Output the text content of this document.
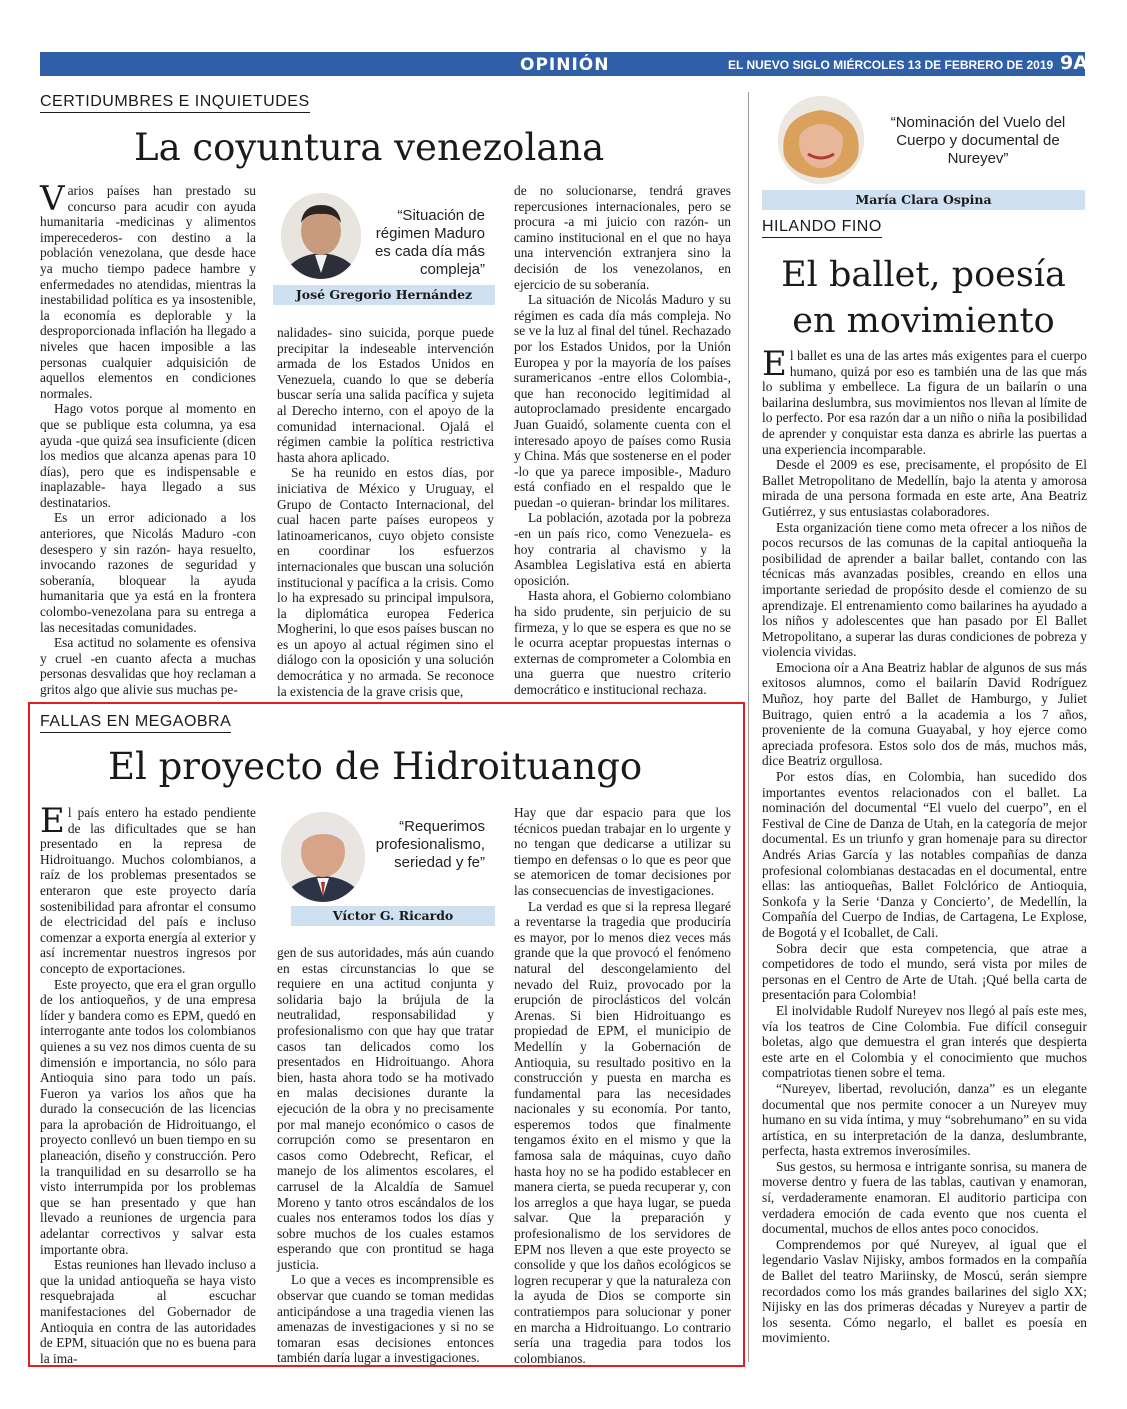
OPINIÓN	EL NUEVO SIGLO MIÉRCOLES 13 DE FEBRERO DE 2019 9A
CERTIDUMBRES E INQUIETUDES
La coyuntura venezolana

Varios países han prestado su concurso para acudir con ayuda humanitaria -medicinas y alimentos imperecederos- con destino a la población venezolana, que desde hace ya mucho tiempo padece hambre y enfermedades no atendidas, mientras la inestabilidad política es ya insostenible, la economía es deplorable y la desproporcionada inflación ha llegado a niveles que hacen imposible a las personas cualquier adquisición de aquellos elementos en condiciones normales.

Hago votos porque al momento en que se publique esta columna, ya esa ayuda -que quizá sea insuficiente (dicen los medios que alcanza apenas para 10 días), pero que es indispensable e inaplazable- haya llegado a sus destinatarios.

Es un error adicionado a los anteriores, que Nicolás Maduro -con desespero y sin razón- haya resuelto, invocando razones de seguridad y soberanía, bloquear la ayuda humanitaria que ya está en la frontera colombo-venezolana para su entrega a las necesitadas comunidades.

Esa actitud no solamente es ofensiva y cruel -en cuanto afecta a muchas personas desvalidas que hoy reclaman a gritos algo que alivie sus muchas pe-

“Situación de régimen Maduro es cada día más compleja”
José Gregorio Hernández

nalidades- sino suicida, porque puede precipitar la indeseable intervención armada de los Estados Unidos en Venezuela, cuando lo que se debería buscar sería una salida pacífica y sujeta al Derecho interno, con el apoyo de la comunidad internacional. Ojalá el régimen cambie la política restrictiva hasta ahora aplicado.

Se ha reunido en estos días, por iniciativa de México y Uruguay, el Grupo de Contacto Internacional, del cual hacen parte países europeos y latinoamericanos, cuyo objeto consiste en coordinar los esfuerzos internacionales que buscan una solución institucional y pacífica a la crisis. Como lo ha expresado su principal impulsora, la diplomática europea Federica Mogherini, lo que esos países buscan no es un apoyo al actual régimen sino el diálogo con la oposición y una solución democrática y no armada. Se reconoce la existencia de la grave crisis que,

de no solucionarse, tendrá graves repercusiones internacionales, pero se procura -a mi juicio con razón- un camino institucional en el que no haya una intervención extranjera sino la decisión de los venezolanos, en ejercicio de su soberanía.

La situación de Nicolás Maduro y su régimen es cada día más compleja. No se ve la luz al final del túnel. Rechazado por los Estados Unidos, por la Unión Europea y por la mayoría de los países suramericanos -entre ellos Colombia-, que han reconocido legitimidad al autoproclamado presidente encargado Juan Guaidó, solamente cuenta con el interesado apoyo de países como Rusia y China. Más que sostenerse en el poder -lo que ya parece imposible-, Maduro está confiado en el respaldo que le puedan -o quieran- brindar los militares.

La población, azotada por la pobreza -en un país rico, como Venezuela- es hoy contraria al chavismo y la Asamblea Legislativa está en abierta oposición.

Hasta ahora, el Gobierno colombiano ha sido prudente, sin perjuicio de su firmeza, y lo que se espera es que no se le ocurra aceptar propuestas internas o externas de comprometer a Colombia en una guerra que nuestro criterio democrático e institucional rechaza.

FALLAS EN MEGAOBRA
El proyecto de Hidroituango

El país entero ha estado pendiente de las dificultades que se han presentado en la represa de Hidroituango. Muchos colombianos, a raíz de los problemas presentados se enteraron que este proyecto daría sostenibilidad para afrontar el consumo de electricidad del país e incluso comenzar a exporta energía al exterior y así incrementar nuestros ingresos por concepto de exportaciones.

Este proyecto, que era el gran orgullo de los antioqueños, y de una empresa líder y bandera como es EPM, quedó en interrogante ante todos los colombianos quienes a su vez nos dimos cuenta de su dimensión e importancia, no sólo para Antioquia sino para todo un país. Fueron ya varios los años que ha durado la consecución de las licencias para la aprobación de Hidroituango, el proyecto conllevó un buen tiempo en su planeación, diseño y construcción. Pero la tranquilidad en su desarrollo se ha visto interrumpida por los problemas que se han presentado y que han llevado a reuniones de urgencia para adelantar correctivos y salvar esta importante obra.

Estas reuniones han llevado incluso a que la unidad antioqueña se haya visto resquebrajada al escuchar manifestaciones del Gobernador de Antioquia en contra de las autoridades de EPM, situación que no es buena para la ima-

“Requerimos profesionalismo, seriedad y fe”
Víctor G. Ricardo

gen de sus autoridades, más aún cuando en estas circunstancias lo que se requiere en una actitud conjunta y solidaria bajo la brújula de la neutralidad, responsabilidad y profesionalismo con que hay que tratar casos tan delicados como los presentados en Hidroituango. Ahora bien, hasta ahora todo se ha motivado en malas decisiones durante la ejecución de la obra y no precisamente por mal manejo económico o casos de corrupción como se presentaron en casos como Odebrecht, Reficar, el manejo de los alimentos escolares, el carrusel de la Alcaldía de Samuel Moreno y tanto otros escándalos de los cuales nos enteramos todos los días y sobre muchos de los cuales estamos esperando que con prontitud se haga justicia.

Lo que a veces es incomprensible es observar que cuando se toman medidas anticipándose a una tragedia vienen las amenazas de investigaciones y si no se tomaran esas decisiones entonces también daría lugar a investigaciones.

Hay que dar espacio para que los técnicos puedan trabajar en lo urgente y no tengan que dedicarse a utilizar su tiempo en defensas o lo que es peor que se atemoricen de tomar decisiones por las consecuencias de investigaciones.

La verdad es que si la represa llegaré a reventarse la tragedia que produciría es mayor, por lo menos diez veces más grande que la que provocó el fenómeno natural del descongelamiento del nevado del Ruiz, provocado por la erupción de piroclásticos del volcán Arenas. Si bien Hidroituango es propiedad de EPM, el municipio de Medellín y la Gobernación de Antioquia, su resultado positivo en la construcción y puesta en marcha es fundamental para las necesidades nacionales y su economía. Por tanto, esperemos todos que finalmente tengamos éxito en el mismo y que la famosa sala de máquinas, cuyo daño hasta hoy no se ha podido establecer en manera cierta, se pueda recuperar y, con los arreglos a que haya lugar, se pueda salvar. Que la preparación y profesionalismo de los servidores de EPM nos lleven a que este proyecto se consolide y que los daños ecológicos se logren recuperar y que la naturaleza con la ayuda de Dios se comporte sin contratiempos para solucionar y poner en marcha a Hidroituango. Lo contrario sería una tragedia para todos los colombianos.

“Nominación del Vuelo del Cuerpo y documental de Nureyev”
María Clara Ospina
HILANDO FINO
El ballet, poesía
en movimiento

El ballet es una de las artes más exigentes para el cuerpo humano, quizá por eso es también una de las que más lo sublima y embellece. La figura de un bailarín o una bailarina deslumbra, sus movimientos nos llevan al límite de lo perfecto. Por esa razón dar a un niño o niña la posibilidad de aprender y conquistar esta danza es abrirle las puertas a una experiencia incomparable.

Desde el 2009 es ese, precisamente, el propósito de El Ballet Metropolitano de Medellín, bajo la atenta y amorosa mirada de una persona formada en este arte, Ana Beatriz Gutiérrez, y sus entusiastas colaboradores.

Esta organización tiene como meta ofrecer a los niños de pocos recursos de las comunas de la capital antioqueña la posibilidad de aprender a bailar ballet, contando con las técnicas más avanzadas posibles, creando en ellos una importante seriedad de propósito desde el comienzo de su aprendizaje. El entrenamiento como bailarines ha ayudado a los niños y adolescentes que han pasado por El Ballet Metropolitano, a superar las duras condiciones de pobreza y violencia vividas.

Emociona oír a Ana Beatriz hablar de algunos de sus más exitosos alumnos, como el bailarín David Rodríguez Muñoz, hoy parte del Ballet de Hamburgo, y Juliet Buitrago, quien entró a la academia a los 7 años, proveniente de la comuna Guayabal, y hoy ejerce como apreciada profesora. Estos solo dos de más, muchos más, dice Beatriz orgullosa.

Por estos días, en Colombia, han sucedido dos importantes eventos relacionados con el ballet. La nominación del documental “El vuelo del cuerpo”, en el Festival de Cine de Danza de Utah, en la categoría de mejor documental. Es un triunfo y gran homenaje para su director Andrés Arias García y las notables compañías de danza profesional colombianas destacadas en el documental, entre ellas: las antioqueñas, Ballet Folclórico de Antioquia, Sonkofa y la Serie ‘Danza y Concierto’, de Medellín, la Compañía del Cuerpo de Indias, de Cartagena, Le Explose, de Bogotá y el Icoballet, de Cali.

Sobra decir que esta competencia, que atrae a competidores de todo el mundo, será vista por miles de personas en el Centro de Arte de Utah. ¡Qué bella carta de presentación para Colombia!

El inolvidable Rudolf Nureyev nos llegó al país este mes, vía los teatros de Cine Colombia. Fue difícil conseguir boletas, algo que demuestra el gran interés que despierta este arte en el Colombia y el conocimiento que muchos compatriotas tienen sobre el tema.

“Nureyev, libertad, revolución, danza” es un elegante documental que nos permite conocer a un Nureyev muy humano en su vida íntima, y muy “sobrehumano” en su vida artística, en su interpretación de la danza, deslumbrante, perfecta, hasta extremos inverosímiles.

Sus gestos, su hermosa e intrigante sonrisa, su manera de moverse dentro y fuera de las tablas, cautivan y enamoran, sí, verdaderamente enamoran. El auditorio participa con verdadera emoción de cada evento que nos cuenta el documental, muchos de ellos antes poco conocidos.

Comprendemos por qué Nureyev, al igual que el legendario Vaslav Nijisky, ambos formados en la compañía de Ballet del teatro Mariinsky, de Moscú, serán siempre recordados como los más grandes bailarines del siglo XX; Nijisky en las dos primeras décadas y Nureyev a partir de los sesenta. Cómo negarlo, el ballet es poesía en movimiento.
